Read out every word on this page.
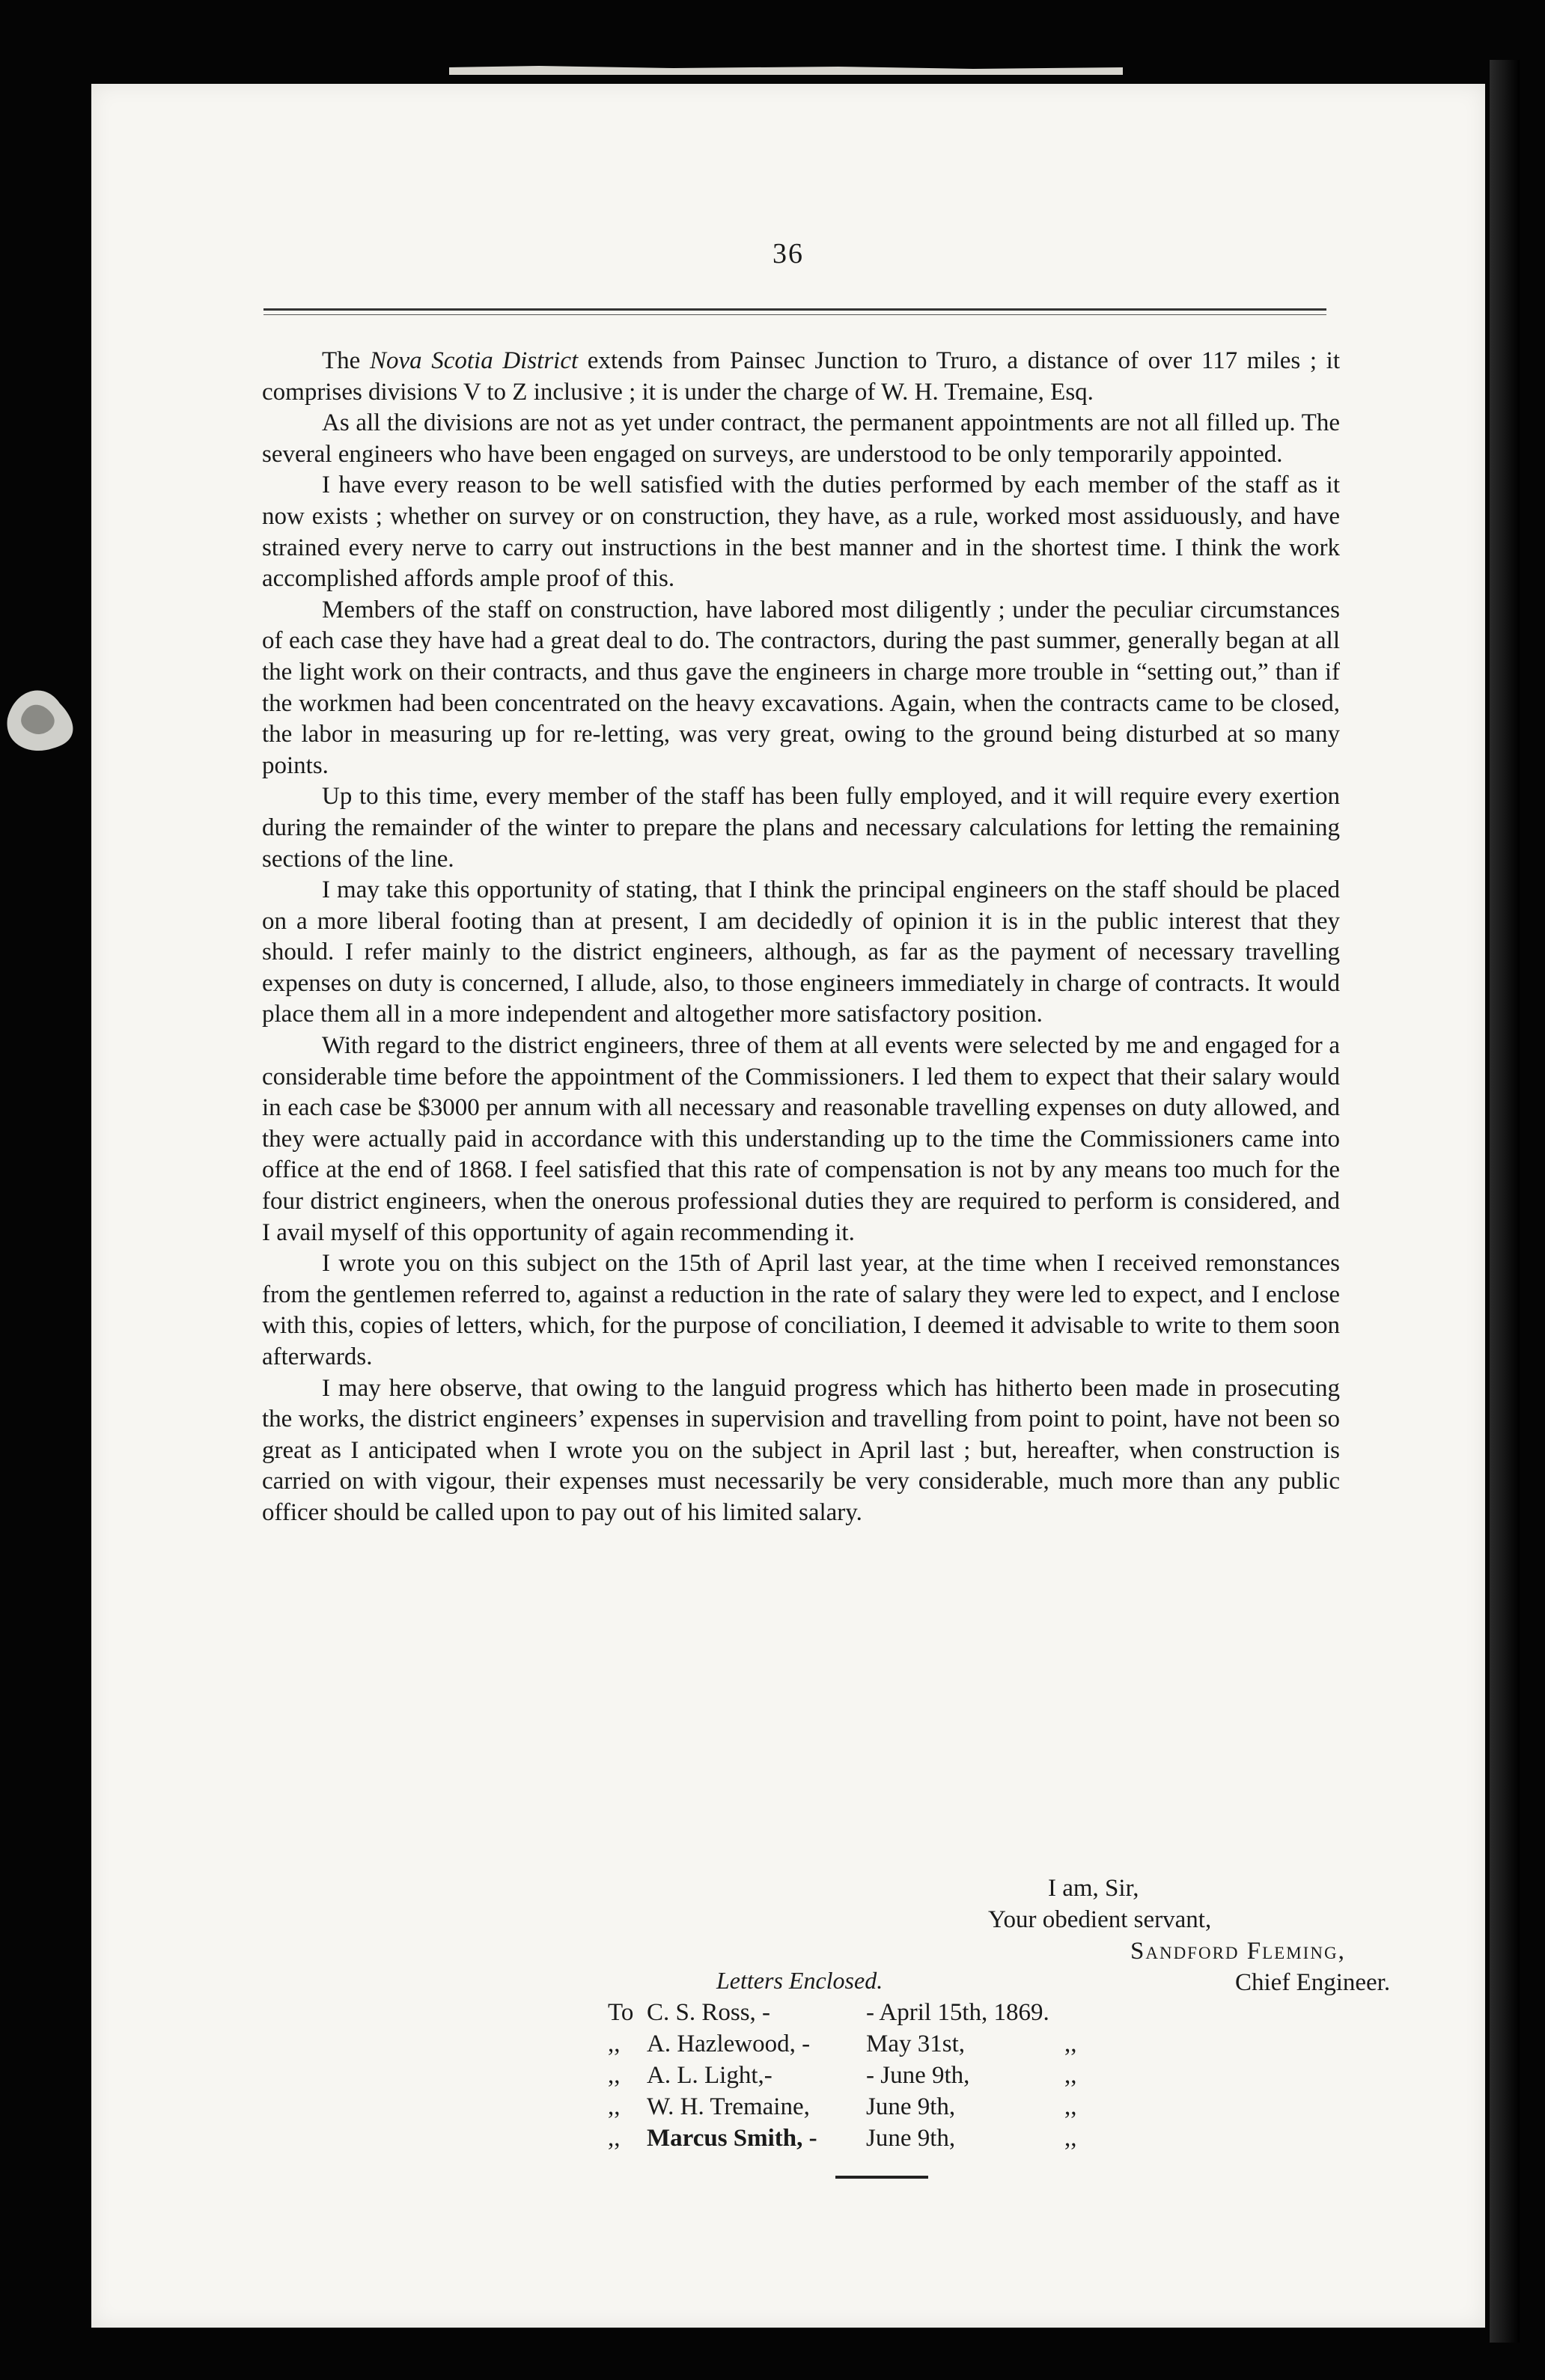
36

The Nova Scotia District extends from Painsec Junction to Truro, a distance of over 117 miles ; it comprises divisions V to Z inclusive ; it is under the charge of W. H. Tremaine, Esq.

As all the divisions are not as yet under contract, the permanent appointments are not all filled up. The several engineers who have been engaged on surveys, are understood to be only temporarily appointed.

I have every reason to be well satisfied with the duties performed by each member of the staff as it now exists ; whether on survey or on construction, they have, as a rule, worked most assiduously, and have strained every nerve to carry out instructions in the best manner and in the shortest time. I think the work accomplished affords ample proof of this.

Members of the staff on construction, have labored most diligently ; under the peculiar circumstances of each case they have had a great deal to do. The contractors, during the past summer, generally began at all the light work on their contracts, and thus gave the engineers in charge more trouble in “setting out,” than if the workmen had been concentrated on the heavy excavations. Again, when the contracts came to be closed, the labor in measuring up for re-letting, was very great, owing to the ground being disturbed at so many points.

Up to this time, every member of the staff has been fully employed, and it will require every exertion during the remainder of the winter to prepare the plans and necessary calculations for letting the remaining sections of the line.

I may take this opportunity of stating, that I think the principal engineers on the staff should be placed on a more liberal footing than at present, I am decidedly of opinion it is in the public interest that they should. I refer mainly to the district engineers, although, as far as the payment of necessary travelling expenses on duty is concerned, I allude, also, to those engineers immediately in charge of contracts. It would place them all in a more independent and altogether more satisfactory position.

With regard to the district engineers, three of them at all events were selected by me and engaged for a considerable time before the appointment of the Commissioners. I led them to expect that their salary would in each case be $3000 per annum with all necessary and reasonable travelling expenses on duty allowed, and they were actually paid in accordance with this understanding up to the time the Commissioners came into office at the end of 1868. I feel satisfied that this rate of compensation is not by any means too much for the four district engineers, when the onerous professional duties they are required to perform is considered, and I avail myself of this opportunity of again recommending it.

I wrote you on this subject on the 15th of April last year, at the time when I received remonstances from the gentlemen referred to, against a reduction in the rate of salary they were led to expect, and I enclose with this, copies of letters, which, for the purpose of conciliation, I deemed it advisable to write to them soon afterwards.

I may here observe, that owing to the languid progress which has hitherto been made in prosecuting the works, the district engineers’ expenses in supervision and travelling from point to point, have not been so great as I anticipated when I wrote you on the subject in April last ; but, hereafter, when construction is carried on with vigour, their expenses must necessarily be very considerable, much more than any public officer should be called upon to pay out of his limited salary.

I am, Sir,
Your obedient servant,
Sandford Fleming,
Chief Engineer.
Letters Enclosed.
To C. S. Ross, -	- April 15th, 1869.
,, A. Hazlewood, - May 31st,	,,
,, A. L. Light,-	- June 9th,	,,
,, W. H. Tremaine, June 9th,	,,
,, Marcus Smith, - June 9th,	,,
